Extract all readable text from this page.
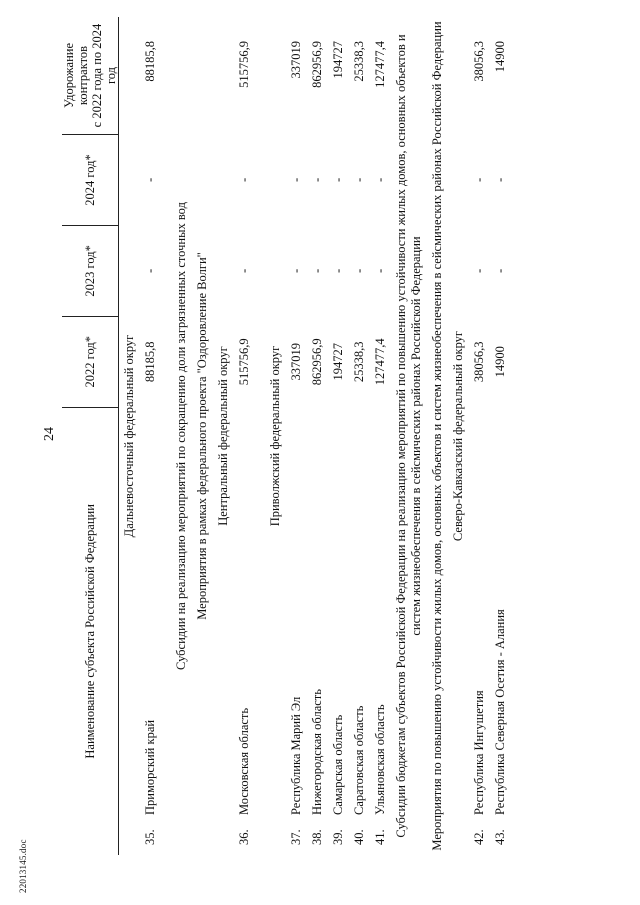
24
22013145.doc
Наименование субъекта Российской Федерации	2022 год*	2023 год*	2024 год*	Удорожание контрактов
с 2022 года по 2024 год
Дальневосточный федеральный округ				
35.Приморский край	88185,8	-	-	88185,8

Субсидии на реализацию мероприятий по сокращению доли загрязненных сточных вод				
Мероприятия в рамках федерального проекта "Оздоровление Волги"				
Центральный федеральный округ				
36.Московская область	515756,9	-	-	515756,9

Приволжский федеральный округ				
37.Республика Марий Эл	337019	-	-	337019
38.Нижегородская область	862956,9	-	-	862956,9
39.Самарская область	194727	-	-	194727
40.Саратовская область	25338,3	-	-	25338,3
41.Ульяновская область	127477,4	-	-	127477,4
Субсидии бюджетам субъектов Российской Федерации на реализацию мероприятий по повышению устойчивости жилых домов, основных объектов и систем жизнеобеспечения в сейсмических районах Российской Федерации				
Мероприятия по повышению устойчивости жилых домов, основных объектов и систем жизнеобеспечения в сейсмических районах Российской Федерации				
Северо-Кавказский федеральный округ				
42.Республика Ингушетия	38056,3	-	-	38056,3
43.Республика Северная Осетия - Алания	14900	-	-	14900
